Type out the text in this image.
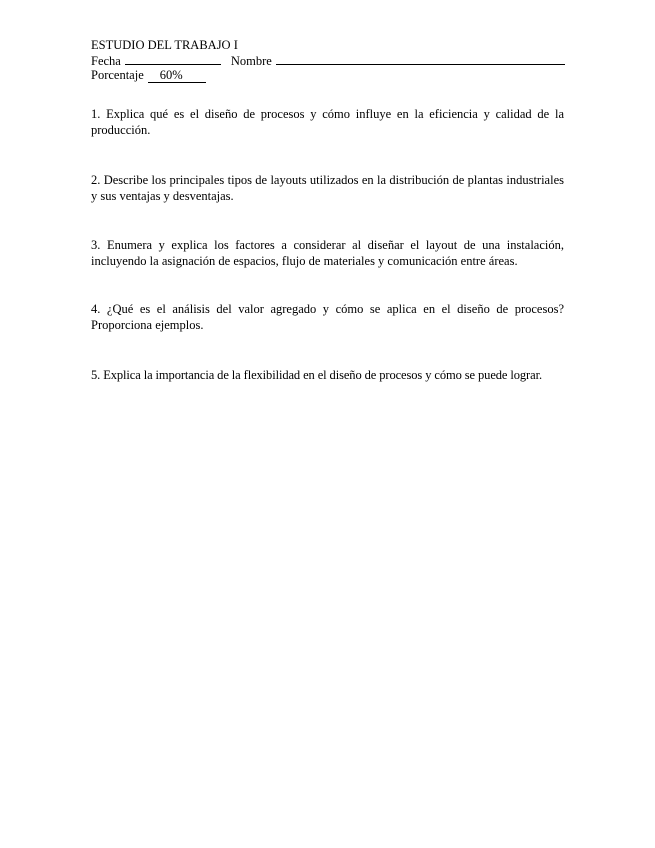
ESTUDIO DEL TRABAJO I
Fecha	Nombre
Porcentaje 60%

1. Explica qué es el diseño de procesos y cómo influye en la eficiencia y calidad de la producción.

2. Describe los principales tipos de layouts utilizados en la distribución de plantas industriales y sus ventajas y desventajas.

3. Enumera y explica los factores a considerar al diseñar el layout de una instalación, incluyendo la asignación de espacios, flujo de materiales y comunicación entre áreas.

4. ¿Qué es el análisis del valor agregado y cómo se aplica en el diseño de procesos? Proporciona ejemplos.

5. Explica la importancia de la flexibilidad en el diseño de procesos y cómo se puede lograr.
